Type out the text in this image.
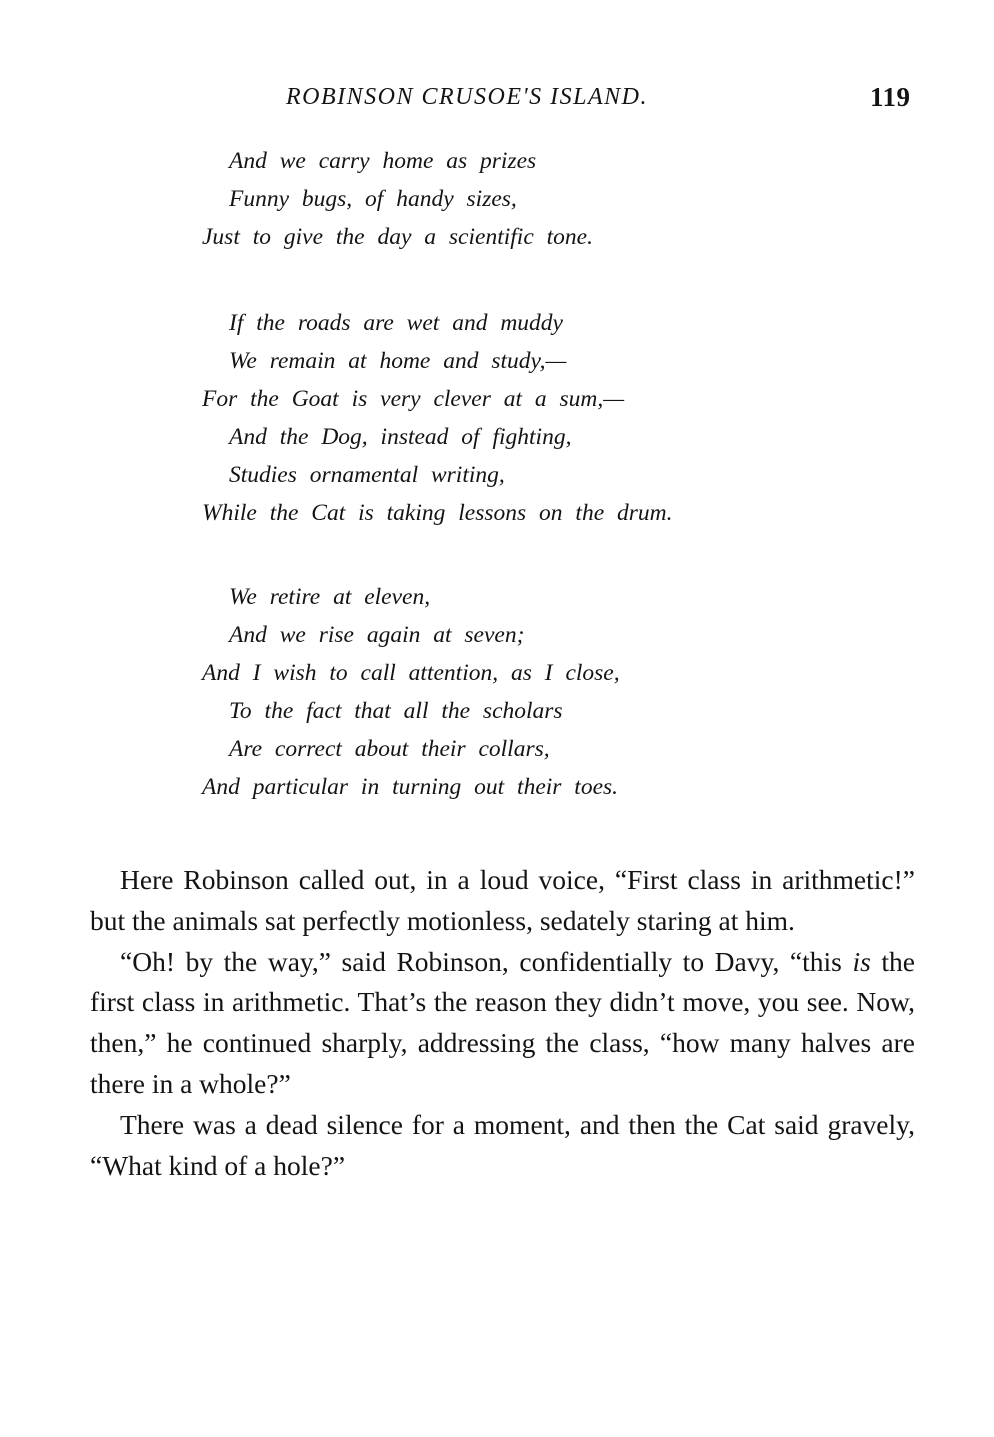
ROBINSON CRUSOE'S ISLAND.	119
And we carry home as prizes
Funny bugs, of handy sizes,
Just to give the day a scientific tone.
If the roads are wet and muddy
We remain at home and study,—
For the Goat is very clever at a sum,—
And the Dog, instead of fighting,
Studies ornamental writing,
While the Cat is taking lessons on the drum.
We retire at eleven,
And we rise again at seven;
And I wish to call attention, as I close,
To the fact that all the scholars
Are correct about their collars,
And particular in turning out their toes.

Here Robinson called out, in a loud voice, “First class in arithmetic!” but the animals sat perfectly motionless, sedately staring at him.

“Oh! by the way,” said Robinson, confidentially to Davy, “this is the first class in arithmetic. That’s the reason they didn’t move, you see. Now, then,” he continued sharply, addressing the class, “how many halves are there in a whole?”

There was a dead silence for a moment, and then the Cat said gravely, “What kind of a hole?”
